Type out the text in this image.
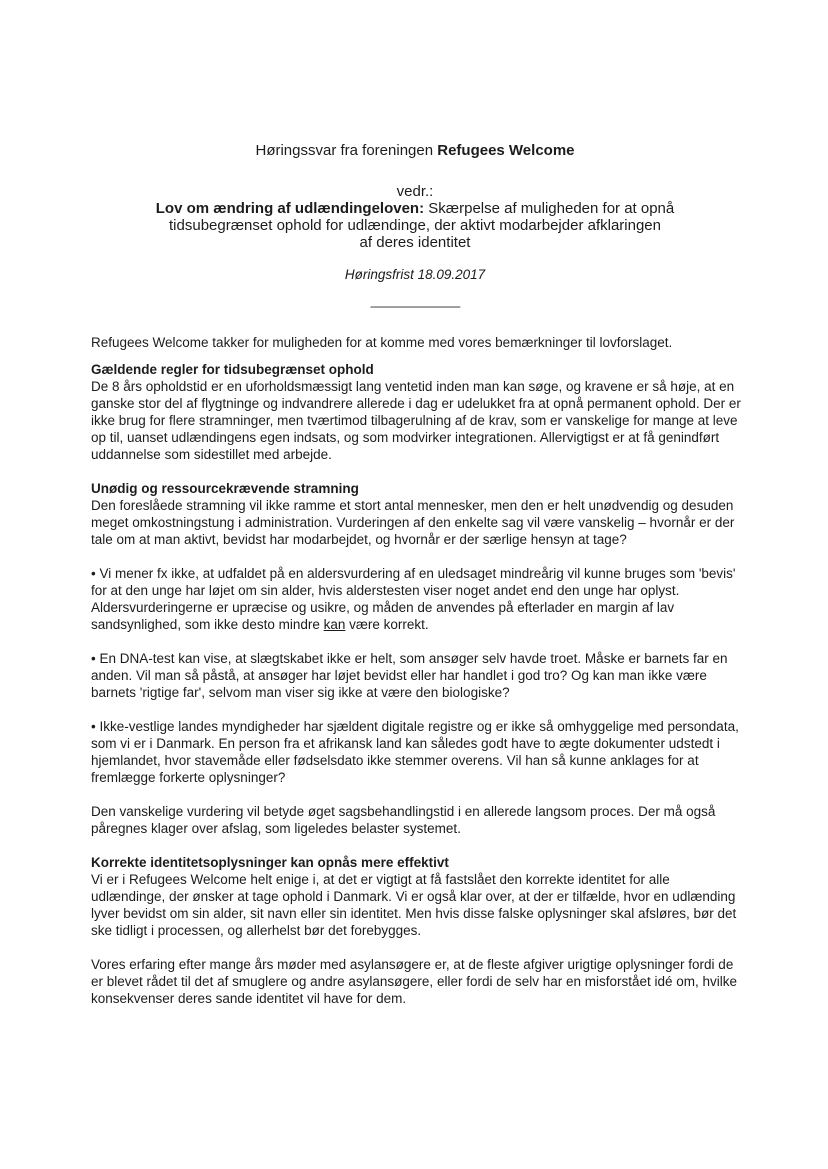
Høringssvar fra foreningen Refugees Welcome
vedr.:
Lov om ændring af udlændingeloven: Skærpelse af muligheden for at opnå
tidsubegrænset ophold for udlændinge, der aktivt modarbejder afklaringen
af deres identitet
Høringsfrist 18.09.2017
------------------------------

Refugees Welcome takker for muligheden for at komme med vores bemærkninger til lovforslaget.

Gældende regler for tidsubegrænset ophold

De 8 års opholdstid er en uforholdsmæssigt lang ventetid inden man kan søge, og kravene er så høje, at en ganske stor del af flygtninge og indvandrere allerede i dag er udelukket fra at opnå permanent ophold. Der er ikke brug for flere stramninger, men tværtimod tilbagerulning af de krav, som er vanskelige for mange at leve op til, uanset udlændingens egen indsats, og som modvirker integrationen. Allervigtigst er at få genindført uddannelse som sidestillet med arbejde.

Unødig og ressourcekrævende stramning

Den foreslåede stramning vil ikke ramme et stort antal mennesker, men den er helt unødvendig og desuden meget omkostningstung i administration. Vurderingen af den enkelte sag vil være vanskelig – hvornår er der tale om at man aktivt, bevidst har modarbejdet, og hvornår er der særlige hensyn at tage?

• Vi mener fx ikke, at udfaldet på en aldersvurdering af en uledsaget mindreårig vil kunne bruges som 'bevis' for at den unge har løjet om sin alder, hvis alderstesten viser noget andet end den unge har oplyst. Aldersvurderingerne er upræcise og usikre, og måden de anvendes på efterlader en margin af lav sandsynlighed, som ikke desto mindre kan være korrekt.

• En DNA-test kan vise, at slægtskabet ikke er helt, som ansøger selv havde troet. Måske er barnets far en anden. Vil man så påstå, at ansøger har løjet bevidst eller har handlet i god tro? Og kan man ikke være barnets 'rigtige far', selvom man viser sig ikke at være den biologiske?

• Ikke-vestlige landes myndigheder har sjældent digitale registre og er ikke så omhyggelige med persondata, som vi er i Danmark. En person fra et afrikansk land kan således godt have to ægte dokumenter udstedt i hjemlandet, hvor stavemåde eller fødselsdato ikke stemmer overens. Vil han så kunne anklages for at fremlægge forkerte oplysninger?

Den vanskelige vurdering vil betyde øget sagsbehandlingstid i en allerede langsom proces. Der må også påregnes klager over afslag, som ligeledes belaster systemet.

Korrekte identitetsoplysninger kan opnås mere effektivt

Vi er i Refugees Welcome helt enige i, at det er vigtigt at få fastslået den korrekte identitet for alle udlændinge, der ønsker at tage ophold i Danmark. Vi er også klar over, at der er tilfælde, hvor en udlænding lyver bevidst om sin alder, sit navn eller sin identitet. Men hvis disse falske oplysninger skal afsløres, bør det ske tidligt i processen, og allerhelst bør det forebygges.

Vores erfaring efter mange års møder med asylansøgere er, at de fleste afgiver urigtige oplysninger fordi de er blevet rådet til det af smuglere og andre asylansøgere, eller fordi de selv har en misforstået idé om, hvilke konsekvenser deres sande identitet vil have for dem.
